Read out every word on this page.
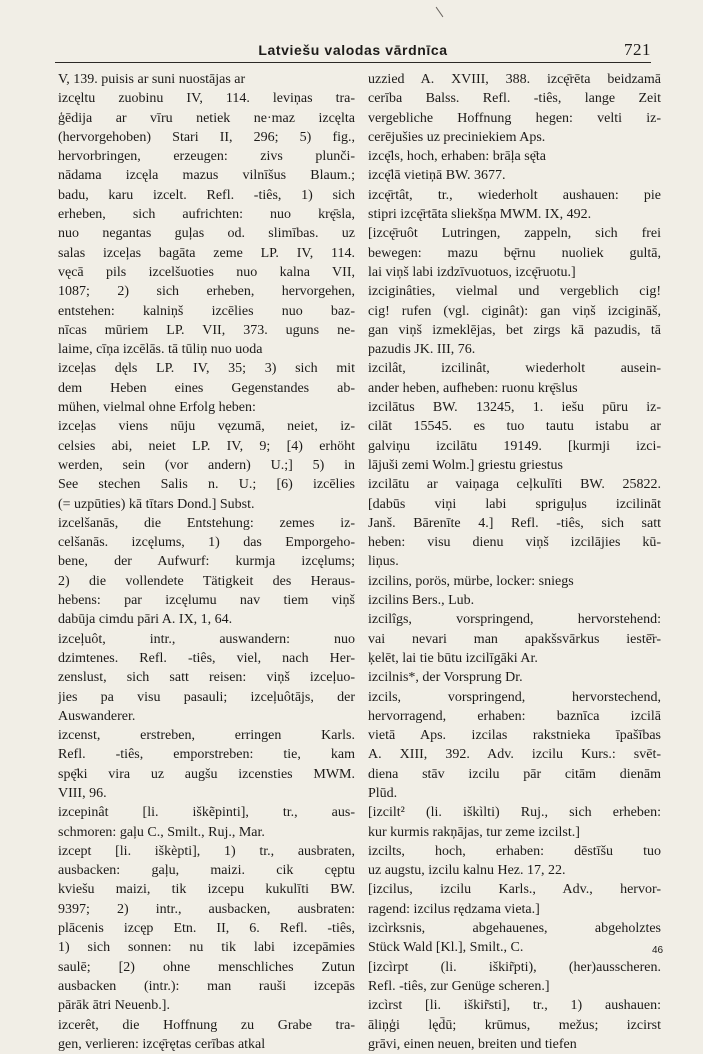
Latviešu valodas vārdnīca	721
V, 139. puisis ar suni nuostājas ar
izcęltu zuobinu IV, 114. leviņas tra-
ģēdija ar vīru netiek ne·maz izcęlta
(hervorgehoben) Stari II, 296; 5) fig.,
hervorbringen, erzeugen: zivs plunči-
nādama izcęla mazus vilnīšus Blaum.;
badu, karu izcelt. Refl. -tiês, 1) sich
erheben, sich aufrichten: nuo krę̄sla,
nuo negantas guļas od. slimības. uz
salas izceļas bagāta zeme LP. IV, 114.
vęcā pils izcelšuoties nuo kalna VII,
1087; 2) sich erheben, hervorgehen,
entstehen: kalniņš izcēlies nuo baz-
nīcas mūriem LP. VII, 373. uguns ne-
laime, cīņa izcēlās. tā tūliņ nuo uoda
izceļas dęls LP. IV, 35; 3) sich mit
dem Heben eines Gegenstandes ab-
mühen, vielmal ohne Erfolg heben:
izceļas viens nūju vęzumā, neiet, iz-
celsies abi, neiet LP. IV, 9; [4) erhöht
werden, sein (vor andern) U.;] 5) in
See stechen Salis n. U.; [6) izcēlies
(= uzpūties) kā tītars Dond.] Subst.
izcelšanās, die Entstehung: zemes iz-
celšanās. izcęlums, 1) das Emporgeho-
bene, der Aufwurf: kurmja izcęlums;
2) die vollendete Tätigkeit des Heraus-
hebens: par izcęlumu nav tiem viņš
dabūja cimdu pāri A. IX, 1, 64.
izceļuôt, intr., auswandern: nuo
dzimtenes. Refl. -tiês, viel, nach Her-
zenslust, sich satt reisen: viņš izceļuo-
jies pa visu pasauli; izceļuôtājs, der
Auswanderer.
izcenst, erstreben, erringen Karls.
Refl. -tiês, emporstreben: tie, kam
spę̄ki vira uz augšu izcensties MWM.
VIII, 96.
izcepinât [li. iškẽpinti], tr., aus-
schmoren: gaļu C., Smilt., Ruj., Mar.
izcept [li. iškèpti], 1) tr., ausbraten,
ausbacken: gaļu, maizi. cik cęptu
kviešu maizi, tik izcepu kukulīti BW.
9397; 2) intr., ausbacken, ausbraten:
plācenis izcęp Etn. II, 6. Refl. -tiês,
1) sich sonnen: nu tik labi izcepāmies
saulē; [2) ohne menschliches Zutun
ausbacken (intr.): man rauši izcepās
pārāk ātri Neuenb.].
izcerêt, die Hoffnung zu Grabe tra-
gen, verlieren: izcę̄rętas cerības atkal
uzzied A. XVIII, 388. izcę̄rēta beidzamā
cerība Balss. Refl. -tiês, lange Zeit
vergebliche Hoffnung hegen: velti iz-
cerējušies uz preciniekiem Aps.
izcę̄ls, hoch, erhaben: brāļa sę̄ta
izcę̄lā vietiņā BW. 3677.
izcę̄rtât, tr., wiederholt aushauen: pie
stipri izcę̄rtāta sliekšņa MWM. IX, 492.
[izcę̄ruôt Lutringen, zappeln, sich frei
bewegen: mazu bę̄rnu nuoliek gultā,
lai viņš labi izdzīvuotuos, izcę̄ruotu.]
izciginâties, vielmal und vergeblich cig!
cig! rufen (vgl. ciginât): gan viņš izcigināš,
gan viņš izmeklējas, bet zirgs kā pazudis, tā
pazudis JK. III, 76.
izcilât, izcilinât, wiederholt ausein-
ander heben, aufheben: ruonu krę̄slus
izcilātus BW. 13245, 1. iešu pūru iz-
cilāt 15545. es tuo tautu istabu ar
galviņu izcilātu 19149. [kurmji izci-
lājuši zemi Wolm.] griestu griestus
izcilātu ar vaiņaga ceļkulīti BW. 25822.
[dabūs viņi labi spriguļus izcilināt
Janš. Bārenīte 4.] Refl. -tiês, sich satt
heben: visu dienu viņš izcilājies kū-
liņus.
izcilins, porös, mürbe, locker: sniegs
izcilins Bers., Lub.
izcilîgs, vorspringend, hervorstehend:
vai nevari man apakšsvārkus iestē̄r-
ķelēt, lai tie būtu izcilīgāki Ar.
izcilnis*, der Vorsprung Dr.
izcils, vorspringend, hervorstechend,
hervorragend, erhaben: baznīca izcilā
vietā Aps. izcilas rakstnieka īpašības
A. XIII, 392. Adv. izcilu Kurs.: svēt-
diena stāv izcilu pār citām dienām
Plūd.
[izcilt² (li. iškìlti) Ruj., sich erheben:
kur kurmis rakņājas, tur zeme izcilst.]
izcilts, hoch, erhaben: dēstīšu tuo
uz augstu, izcilu kalnu Hez. 17, 22.
[izcilus, izcilu Karls., Adv., hervor-
ragend: izcilus rędzama vieta.]
izcìrksnis, abgehauenes, abgeholztes
Stück Wald [Kl.], Smilt., C.
[izcìrpt (li. iškir̃pti), (her)ausscheren.
Refl. -tiês, zur Genüge scheren.]
izcìrst [li. iškir̃sti], tr., 1) aushauen:
āliņģi lęd̄ū; krūmus, mežus; izcirst
grāvi, einen neuen, breiten und tiefen
46
